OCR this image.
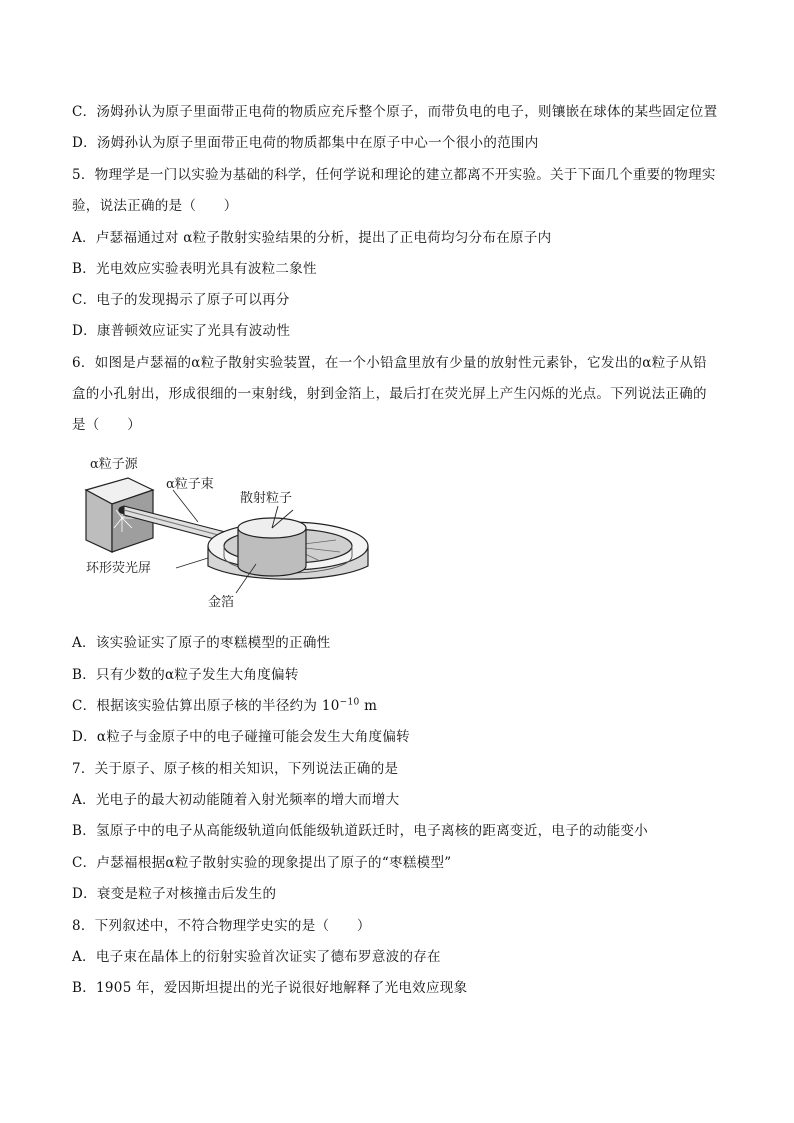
C．汤姆孙认为原子里面带正电荷的物质应充斥整个原子，而带负电的电子，则镶嵌在球体的某些固定位置
D．汤姆孙认为原子里面带正电荷的物质都集中在原子中心一个很小的范围内
5．物理学是一门以实验为基础的科学，任何学说和理论的建立都离不开实验。关于下面几个重要的物理实
验，说法正确的是（　　）
A．卢瑟福通过对 α粒子散射实验结果的分析，提出了正电荷均匀分布在原子内
B．光电效应实验表明光具有波粒二象性
C．电子的发现揭示了原子可以再分
D．康普顿效应证实了光具有波动性
6．如图是卢瑟福的α粒子散射实验装置，在一个小铅盒里放有少量的放射性元素钋，它发出的α粒子从铅
盒的小孔射出，形成很细的一束射线，射到金箔上，最后打在荧光屏上产生闪烁的光点。下列说法正确的
是（　　）
α粒子源
α粒子束
散射粒子
环形荧光屏
金箔
A．该实验证实了原子的枣糕模型的正确性
B．只有少数的α粒子发生大角度偏转
C．根据该实验估算出原子核的半径约为 $10^{-10}$ m
D．α粒子与金原子中的电子碰撞可能会发生大角度偏转
7．关于原子、原子核的相关知识，下列说法正确的是
A．光电子的最大初动能随着入射光频率的增大而增大
B．氢原子中的电子从高能级轨道向低能级轨道跃迁时，电子离核的距离变近，电子的动能变小
C．卢瑟福根据α粒子散射实验的现象提出了原子的“枣糕模型”
D．衰变是粒子对核撞击后发生的
8．下列叙述中，不符合物理学史实的是（　　）
A．电子束在晶体上的衍射实验首次证实了德布罗意波的存在
B．1905 年，爱因斯坦提出的光子说很好地解释了光电效应现象
